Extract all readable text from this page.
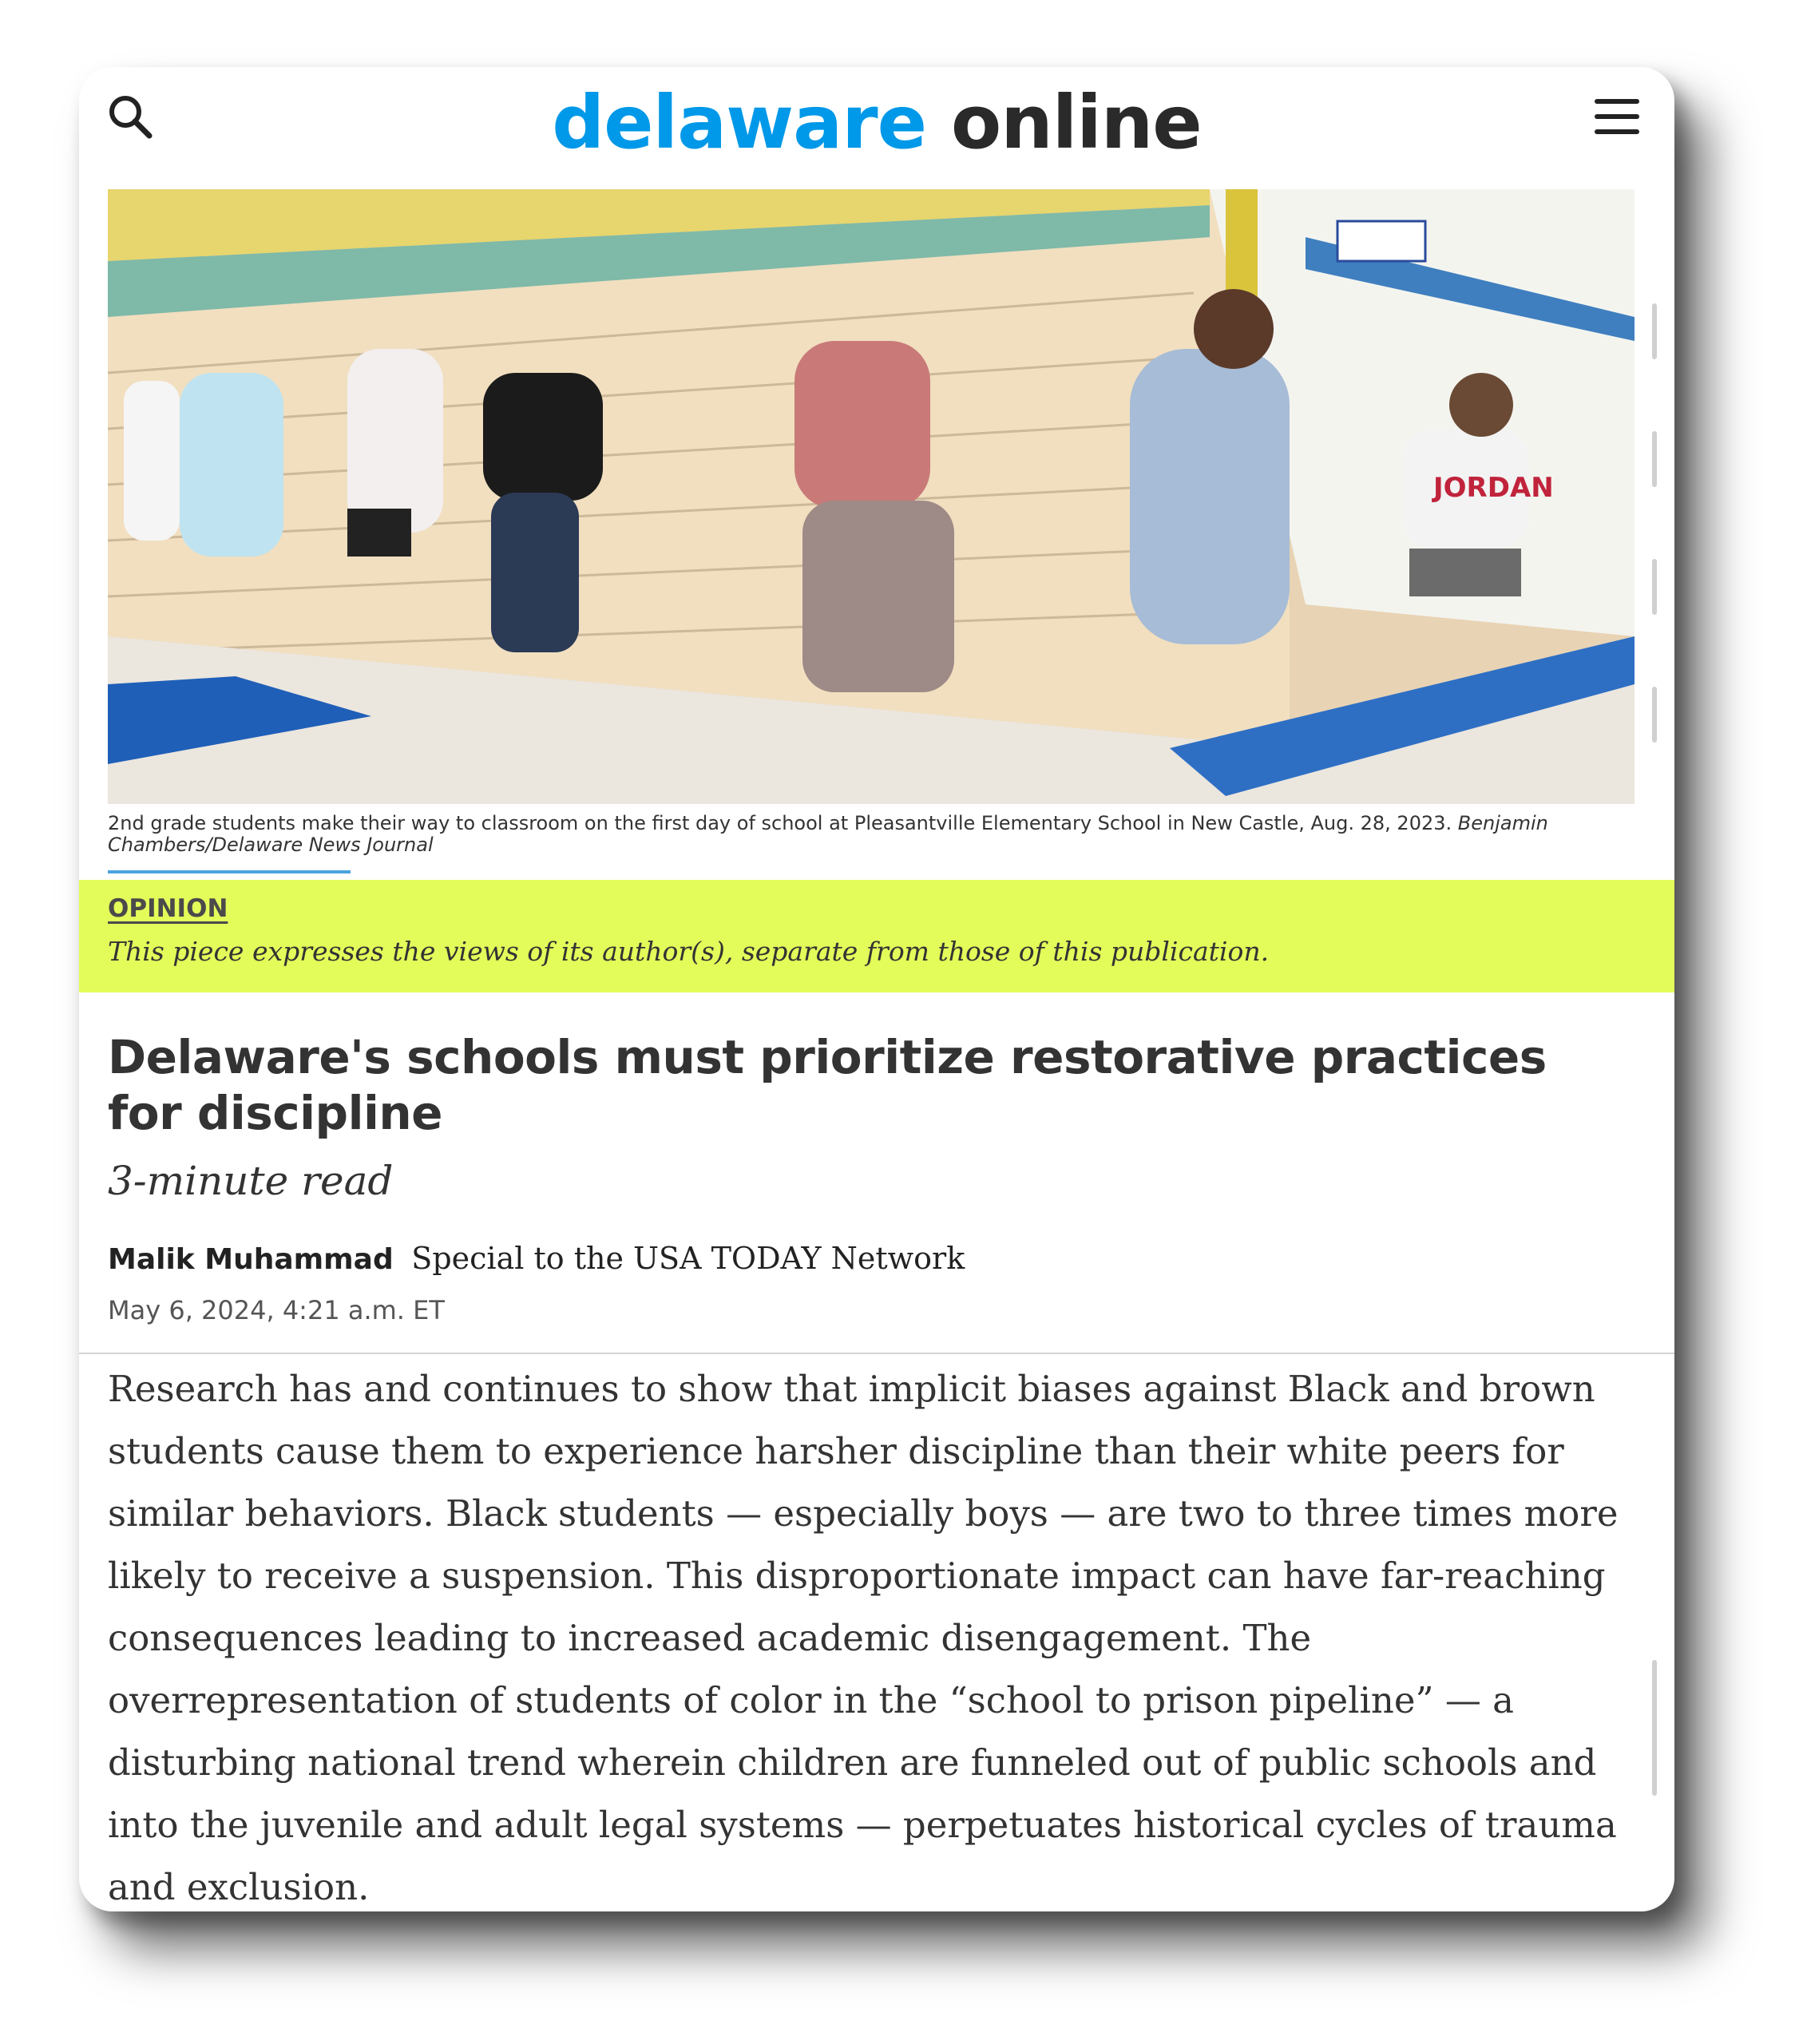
delaware online
JORDAN
2nd grade students make their way to classroom on the first day of school at Pleasantville Elementary School in New Castle, Aug. 28, 2023. Benjamin Chambers/Delaware News Journal
OPINION
This piece expresses the views of its author(s), separate from those of this publication.
Delaware's schools must prioritize restorative practices for discipline
3-minute read
Malik Muhammad Special to the USA TODAY Network
May 6, 2024, 4:21 a.m. ET
Research has and continues to show that implicit biases against Black and brown students cause them to experience harsher discipline than their white peers for similar behaviors. Black students — especially boys — are two to three times more likely to receive a suspension. This disproportionate impact can have far-reaching consequences leading to increased academic disengagement. The overrepresentation of students of color in the “school to prison pipeline” — a disturbing national trend wherein children are funneled out of public schools and into the juvenile and adult legal systems — perpetuates historical cycles of trauma and exclusion.
